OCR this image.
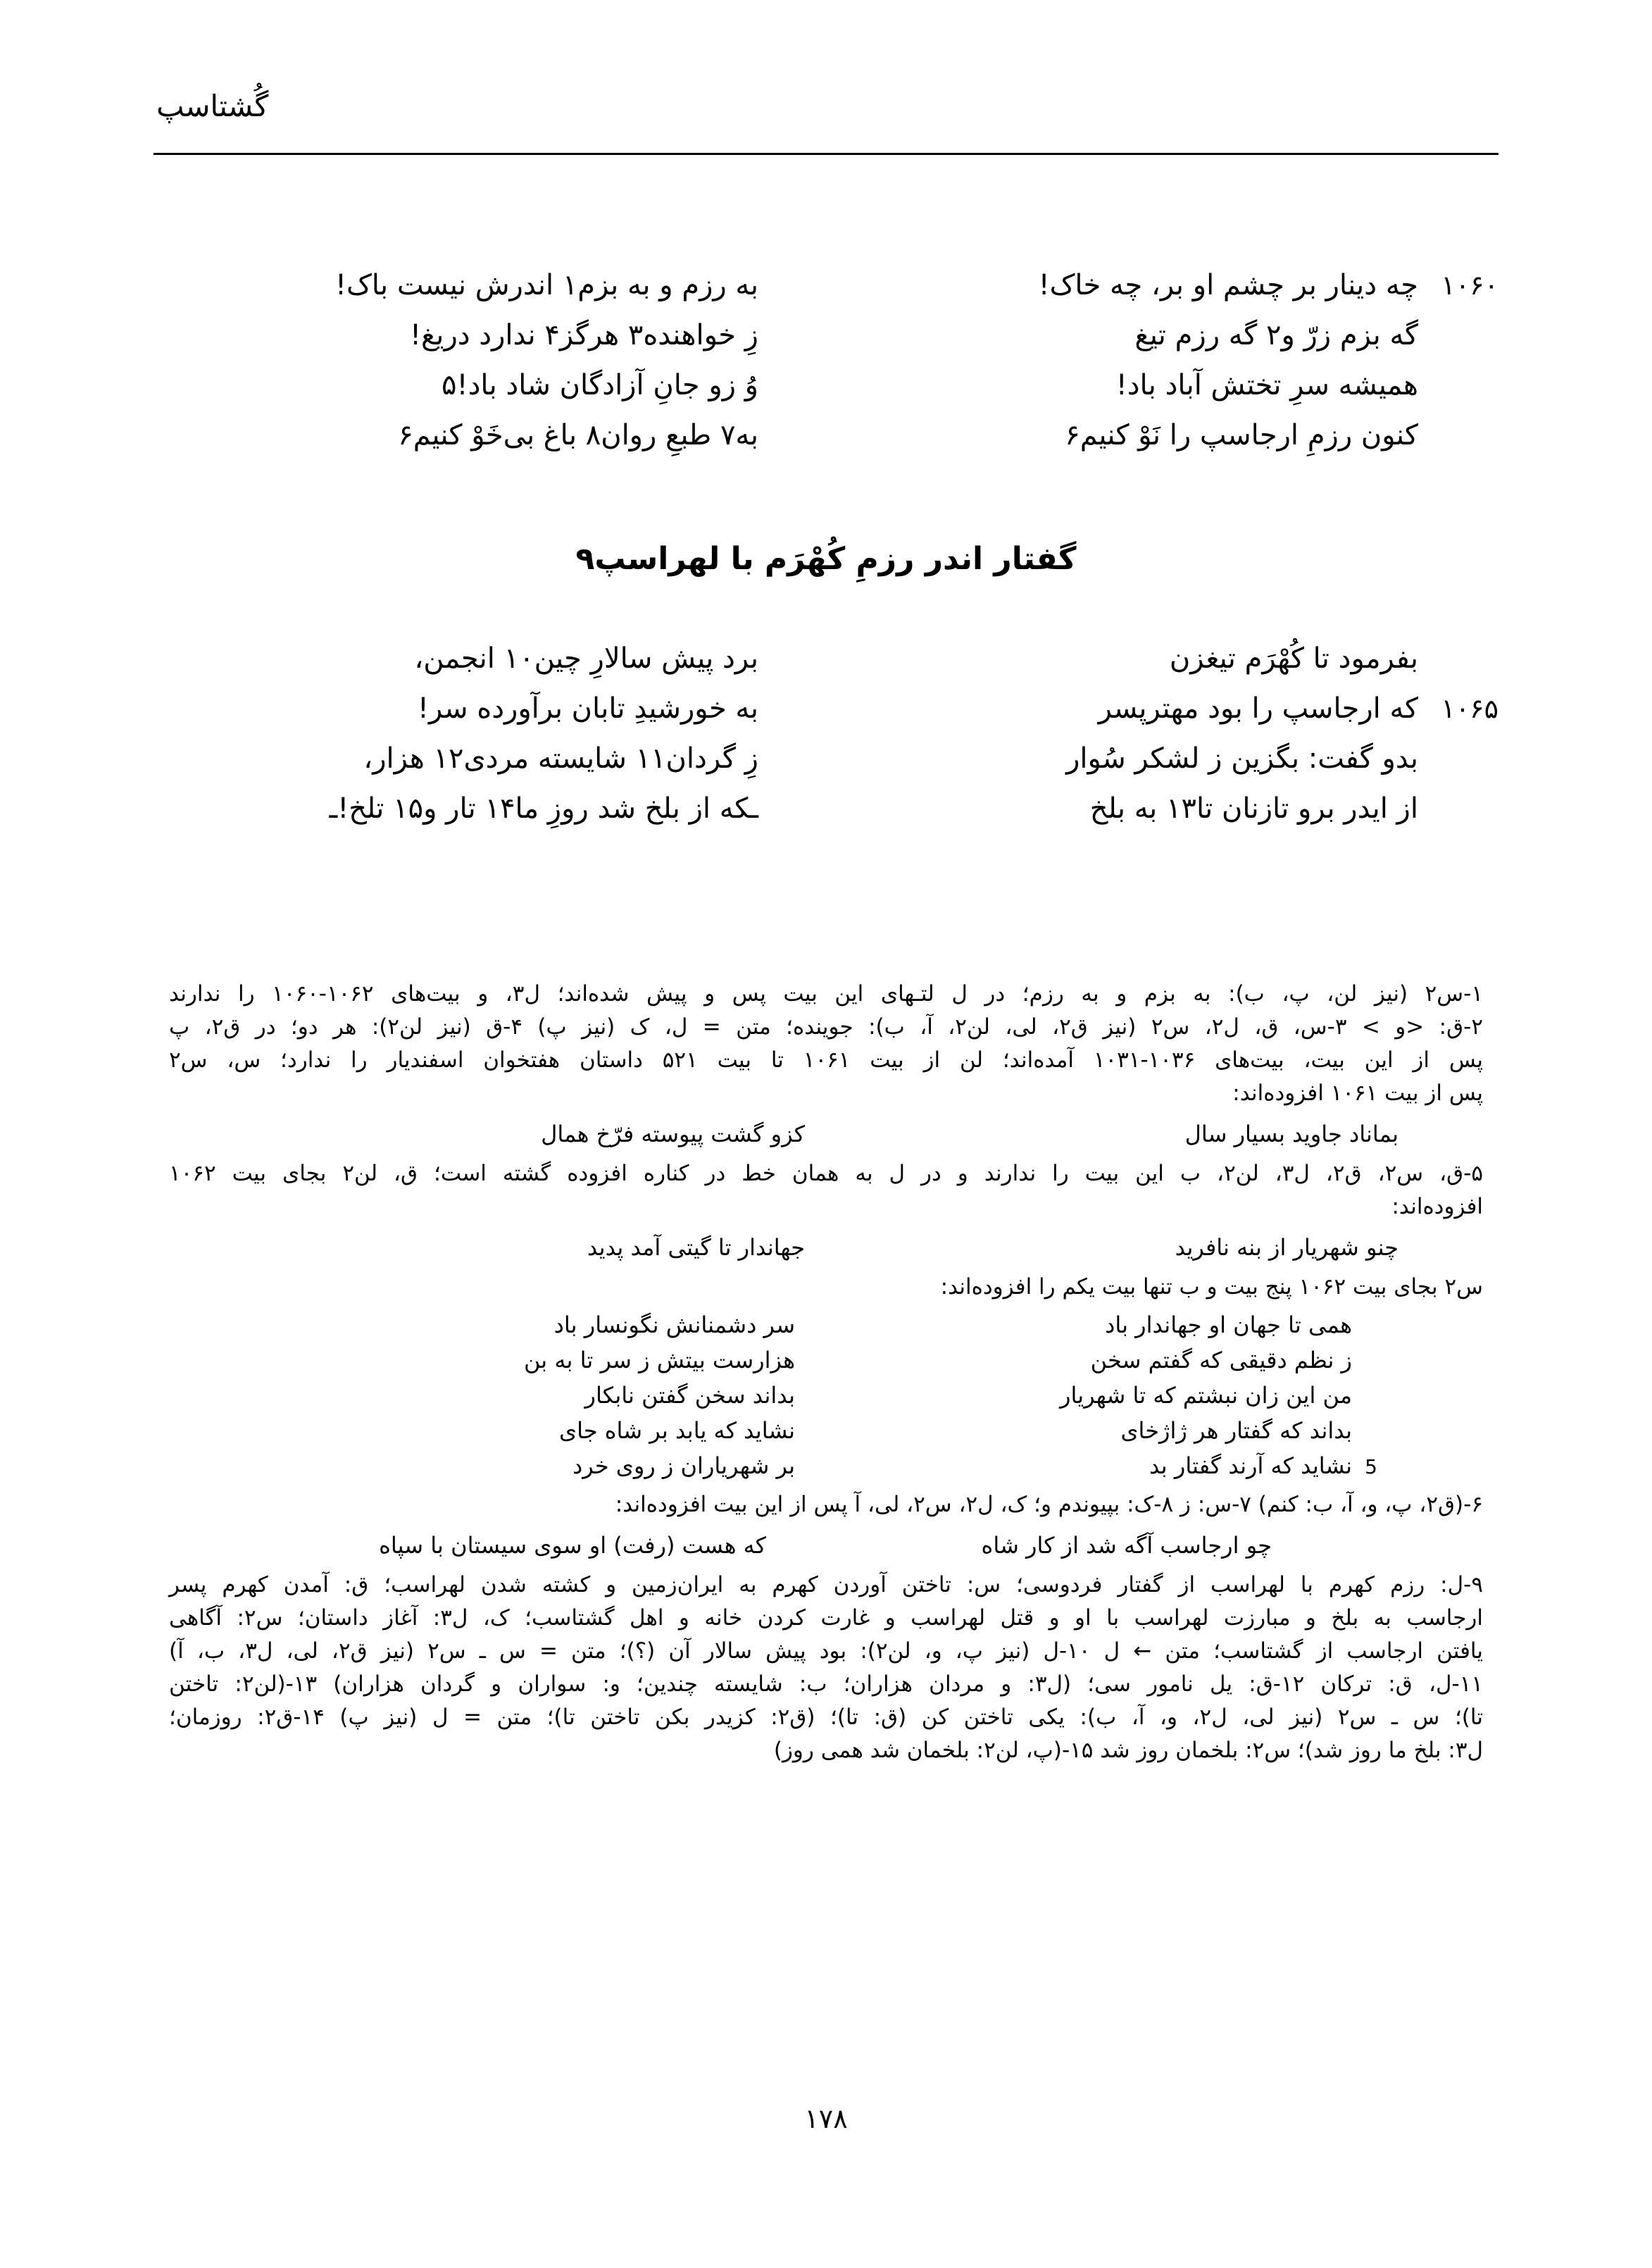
گُشتاسپ
۱۰۶۰
چه دینار بر چشم او بر، چه خاک!
به رزم و به بزم۱ اندرش نیست باک!
گه بزم زرّ و۲ گه رزم تیغ
زِ خواهنده۳ هرگز۴ ندارد دریغ!
همیشه سرِ تختش آباد باد!
وُ زو جانِ آزادگان شاد باد!۵
کنون رزمِ ارجاسپ را نَوْ کنیم۶
به۷ طبعِ روان۸ باغ بی‌خَوْ کنیم۶
گفتار اندر رزمِ کُهْرَم با لهراسپ۹
بفرمود تا کُهْرَم تیغزن
برد پیش سالارِ چین۱۰ انجمن،
۱۰۶۵
که ارجاسپ را بود مهترپسر
به خورشیدِ تابان برآورده سر!
بدو گفت: بگزین ز لشکر سُوار
زِ گردان۱۱ شایسته مردی۱۲ هزار،
از ایدر برو تازنان تا۱۳ به بلخ
ـکه از بلخ شد روزِ ما۱۴ تار و۱۵ تلخ!ـ
۱-س۲ (نیز لن، پ، ب): به بزم و به رزم؛ در ل لتـهای این بیت پس و پیش شده‌اند؛ ل۳، و بیت‌های ۱۰۶۲-۱۰۶۰ را ندارند
۲-ق: <و > ۳-س، ق، ل۲، س۲ (نیز ق۲، لی، لن۲، آ، ب): جوینده؛ متن = ل، ک (نیز پ) ۴-ق (نیز لن۲): هر دو؛ در ق۲، پ
پس از این بیت، بیت‌های ۱۰۳۶-۱۰۳۱ آمده‌اند؛ لن از بیت ۱۰۶۱ تا بیت ۵۲۱ داستان هفتخوان اسفندیار را ندارد؛ س، س۲
پس از بیت ۱۰۶۱ افزوده‌اند:
بماناد جاوید بسیار سال
کزو گشت پیوسته فرّخ همال
۵-ق، س۲، ق۲، ل۳، لن۲، ب این بیت را ندارند و در ل به همان خط در کناره افزوده گشته است؛ ق، لن۲ بجای بیت ۱۰۶۲
افزوده‌اند:
چنو شهریار از بنه نافرید
جهاندار تا گیتی آمد پدید
س۲ بجای بیت ۱۰۶۲ پنج بیت و ب تنها بیت یکم را افزوده‌اند:
همی تا جهان او جهاندار باد
سر دشمنانش نگونسار باد
ز نظم دقیقی که گفتم سخن
هزارست بیتش ز سر تا به بن
من این زان نبشتم که تا شهریار
بداند سخن گفتن نابکار
بداند که گفتار هر ژاژخای
نشاید که یابد بر شاه جای
5
نشاید که آرند گفتار بد
بر شهریاران ز روی خرد
۶-(ق۲، پ، و، آ، ب: کنم) ۷-س: ز ۸-ک: بپیوندم و؛ ک، ل۲، س۲، لی، آ پس از این بیت افزوده‌اند:
چو ارجاسب آگه شد از کار شاه
که هست (رفت) او سوی سیستان با سپاه
۹-ل: رزم کهرم با لهراسب از گفتار فردوسی؛ س: تاختن آوردن کهرم به ایران‌زمین و کشته شدن لهراسب؛ ق: آمدن کهرم پسر
ارجاسب به بلخ و مبارزت لهراسب با او و قتل لهراسب و غارت کردن خانه و اهل گشتاسب؛ ک، ل۳: آغاز داستان؛ س۲: آگاهی
یافتن ارجاسب از گشتاسب؛ متن ← ل ۱۰-ل (نیز پ، و، لن۲): بود پیش سالار آن (؟)؛ متن = س ـ س۲ (نیز ق۲، لی، ل۳، ب، آ)
۱۱-ل، ق: ترکان ۱۲-ق: یل نامور سی؛ (ل۳: و مردان هزاران؛ ب: شایسته چندین؛ و: سواران و گردان هزاران) ۱۳-(لن۲: تاختن
تا)؛ س ـ س۲ (نیز لی، ل۲، و، آ، ب): یکی تاختن کن (ق: تا)؛ (ق۲: کزیدر بکن تاختن تا)؛ متن = ل (نیز پ) ۱۴-ق۲: روزمان؛
ل۳: بلخ ما روز شد)؛ س۲: بلخمان روز شد ۱۵-(پ، لن۲: بلخمان شد همی روز)
۱۷۸
